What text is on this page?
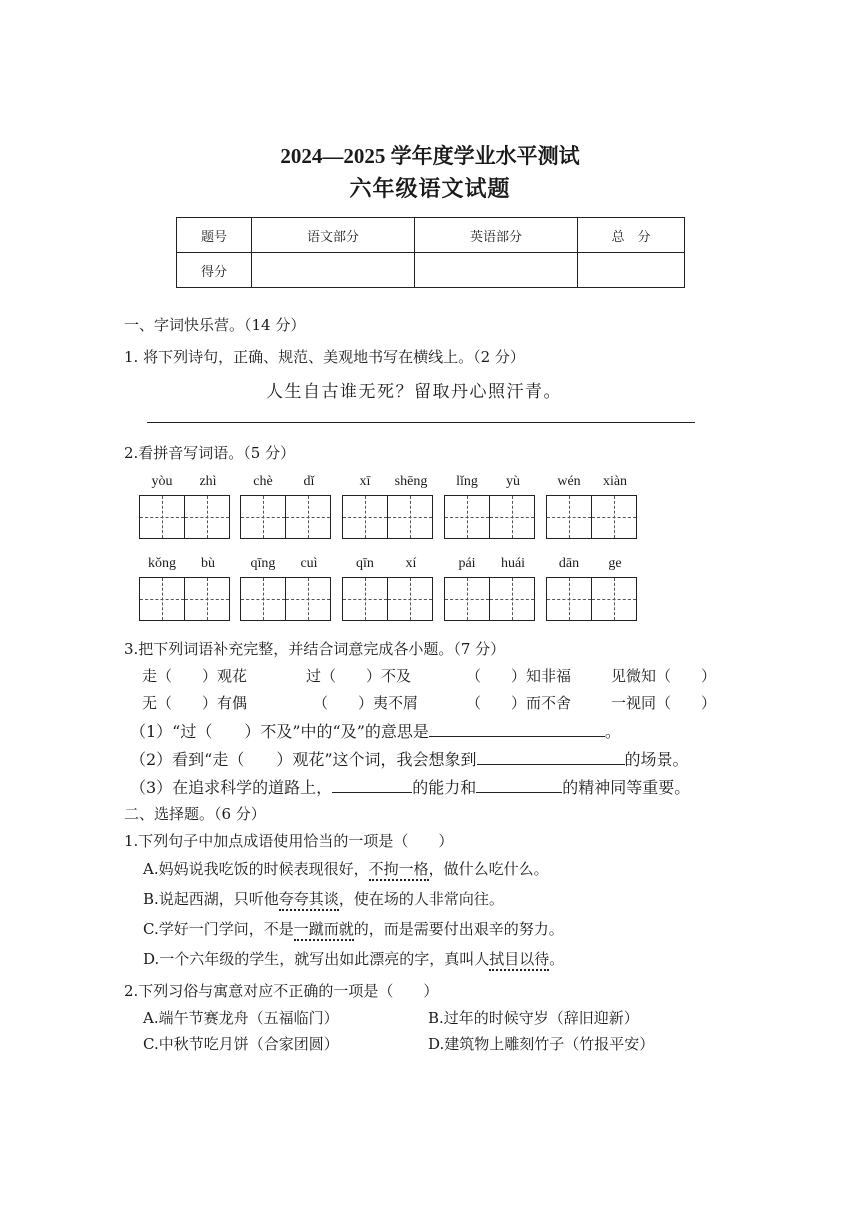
2024—2025 学年度学业水平测试
六年级语文试题
题号	语文部分	英语部分	总　分
得分			
一、字词快乐营。（14 分）
1. 将下列诗句，正确、规范、美观地书写在横线上。（2 分）
人生自古谁无死？留取丹心照汗青。
2.看拼音写词语。（5 分）
yòu	zhì	chè	dǐ	xī	shēng	lǐng	yù	wén	xiàn
kǒng	bù	qīng	cuì	qīn	xí	pái	huái	dān	ge
3.把下列词语补充完整，并结合词意完成各小题。（7 分）
走（　　）观花	过（　　）不及	（　　）知非福	见微知（　　）
无（　　）有偶	（　　）夷不屑	（　　）而不舍	一视同（　　）
（1）“过（　　）不及”中的“及”的意思是	。
（2）看到“走（　　）观花”这个词，我会想象到	的场景。
（3）在追求科学的道路上，	的能力和	的精神同等重要。
二、选择题。（6 分）
1.下列句子中加点成语使用恰当的一项是（　　）
A.妈妈说我吃饭的时候表现很好，不拘一格，做什么吃什么。
B.说起西湖，只听他夸夸其谈，使在场的人非常向往。
C.学好一门学问，不是一蹴而就的，而是需要付出艰辛的努力。
D.一个六年级的学生，就写出如此漂亮的字，真叫人拭目以待。
2.下列习俗与寓意对应不正确的一项是（　　）
A.端午节赛龙舟（五福临门）	B.过年的时候守岁（辞旧迎新）
C.中秋节吃月饼（合家团圆）	D.建筑物上雕刻竹子（竹报平安）
